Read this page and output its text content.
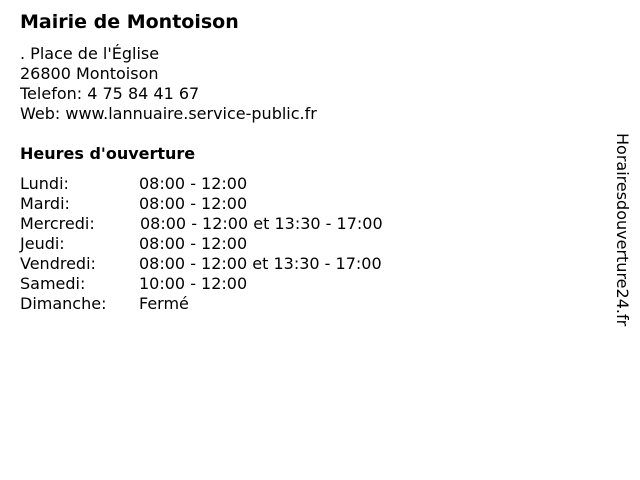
Mairie de Montoison
. Place de l'Église
26800 Montoison
Telefon: 4 75 84 41 67
Web: www.lannuaire.service-public.fr
Heures d'ouverture
Lundi:	08:00 - 12:00
Mardi:	08:00 - 12:00
Mercredi:	08:00 - 12:00 et 13:30 - 17:00
Jeudi:	08:00 - 12:00
Vendredi:	08:00 - 12:00 et 13:30 - 17:00
Samedi:	10:00 - 12:00
Dimanche: Fermé	Horairesdouverture24.fr
